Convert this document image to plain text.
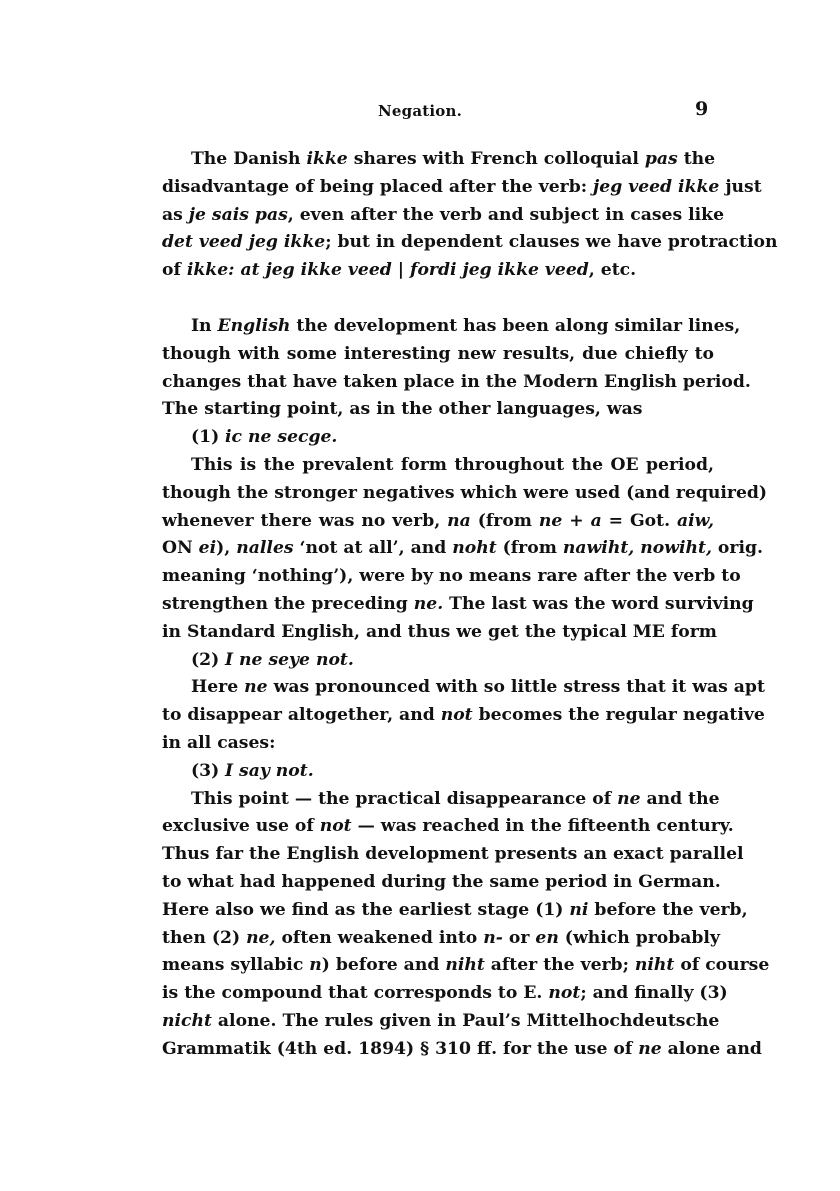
Negation.	9
The Danish ikke shares with French colloquial pas the
disadvantage of being placed after the verb: jeg veed ikke just
as je sais pas, even after the verb and subject in cases like
det veed jeg ikke; but in dependent clauses we have protraction
of ikke: at jeg ikke veed | fordi jeg ikke veed, etc.
In English the development has been along similar lines,
though with some interesting new results, due chiefly to
changes that have taken place in the Modern English period.
The starting point, as in the other languages, was
(1) ic ne secge.
This is the prevalent form throughout the OE period,
though the stronger negatives which were used (and required)
whenever there was no verb, na (from ne + a = Got. aiw,
ON ei), nalles ‘not at all’, and noht (from nawiht, nowiht, orig.
meaning ‘nothing’), were by no means rare after the verb to
strengthen the preceding ne. The last was the word surviving
in Standard English, and thus we get the typical ME form
(2) I ne seye not.
Here ne was pronounced with so little stress that it was apt
to disappear altogether, and not becomes the regular negative
in all cases:
(3) I say not.
This point — the practical disappearance of ne and the
exclusive use of not — was reached in the fifteenth century.
Thus far the English development presents an exact parallel
to what had happened during the same period in German.
Here also we find as the earliest stage (1) ni before the verb,
then (2) ne, often weakened into n- or en (which probably
means syllabic n) before and niht after the verb; niht of course
is the compound that corresponds to E. not; and finally (3)
nicht alone. The rules given in Paul’s Mittelhochdeutsche
Grammatik (4th ed. 1894) § 310 ff. for the use of ne alone and
